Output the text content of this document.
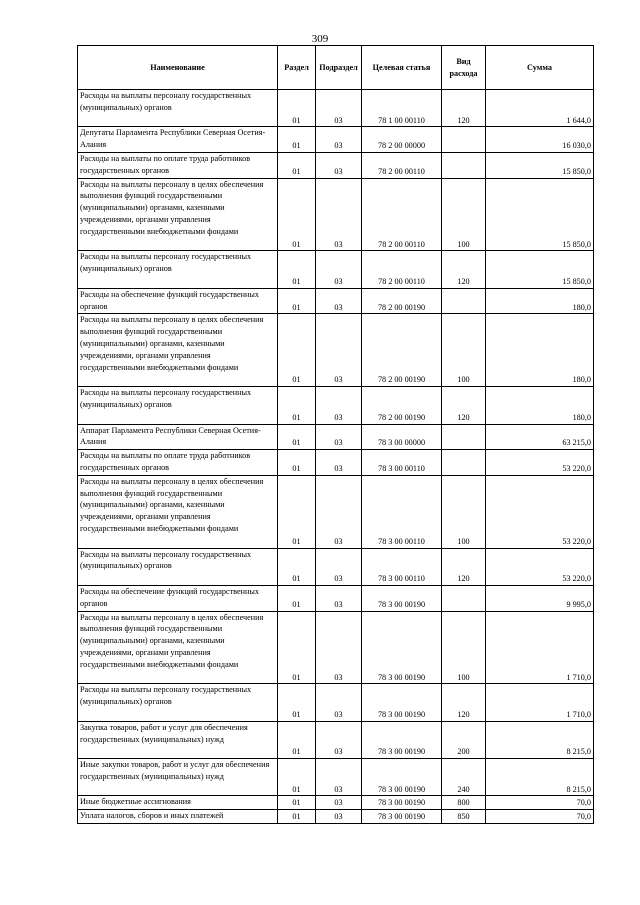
309
Наименование	Раздел	Подраздел	Целевая статья	Вид расхода	Сумма
Расходы на выплаты персоналу государственных (муниципальных) органов	01	03	78 1 00 00110	120	1 644,0
Депутаты Парламента Республики Северная Осетия-Алания	01	03	78 2 00 00000		16 030,0
Расходы на выплаты по оплате труда работников государственных органов	01	03	78 2 00 00110		15 850,0
Расходы на выплаты персоналу в целях обеспечения выполнения функций государственными (муниципальными) органами, казенными учреждениями, органами управления государственными внебюджетными фондами	01	03	78 2 00 00110	100	15 850,0
Расходы на выплаты персоналу государственных (муниципальных) органов	01	03	78 2 00 00110	120	15 850,0
Расходы на обеспечение функций государственных органов	01	03	78 2 00 00190		180,0
Расходы на выплаты персоналу в целях обеспечения выполнения функций государственными (муниципальными) органами, казенными учреждениями, органами управления государственными внебюджетными фондами	01	03	78 2 00 00190	100	180,0
Расходы на выплаты персоналу государственных (муниципальных) органов	01	03	78 2 00 00190	120	180,0
Аппарат Парламента Республики Северная Осетия-Алания	01	03	78 3 00 00000		63 215,0
Расходы на выплаты по оплате труда работников государственных органов	01	03	78 3 00 00110		53 220,0
Расходы на выплаты персоналу в целях обеспечения выполнения функций государственными (муниципальными) органами, казенными учреждениями, органами управления государственными внебюджетными фондами	01	03	78 3 00 00110	100	53 220,0
Расходы на выплаты персоналу государственных (муниципальных) органов	01	03	78 3 00 00110	120	53 220,0
Расходы на обеспечение функций государственных органов	01	03	78 3 00 00190		9 995,0
Расходы на выплаты персоналу в целях обеспечения выполнения функций государственными (муниципальными) органами, казенными учреждениями, органами управления государственными внебюджетными фондами	01	03	78 3 00 00190	100	1 710,0
Расходы на выплаты персоналу государственных (муниципальных) органов	01	03	78 3 00 00190	120	1 710,0
Закупка товаров, работ и услуг для обеспечения государственных (муниципальных) нужд	01	03	78 3 00 00190	200	8 215,0
Иные закупки товаров, работ и услуг для обеспечения государственных (муниципальных) нужд	01	03	78 3 00 00190	240	8 215,0
Иные бюджетные ассигнования	01	03	78 3 00 00190	800	70,0
Уплата налогов, сборов и иных платежей	01	03	78 3 00 00190	850	70,0
